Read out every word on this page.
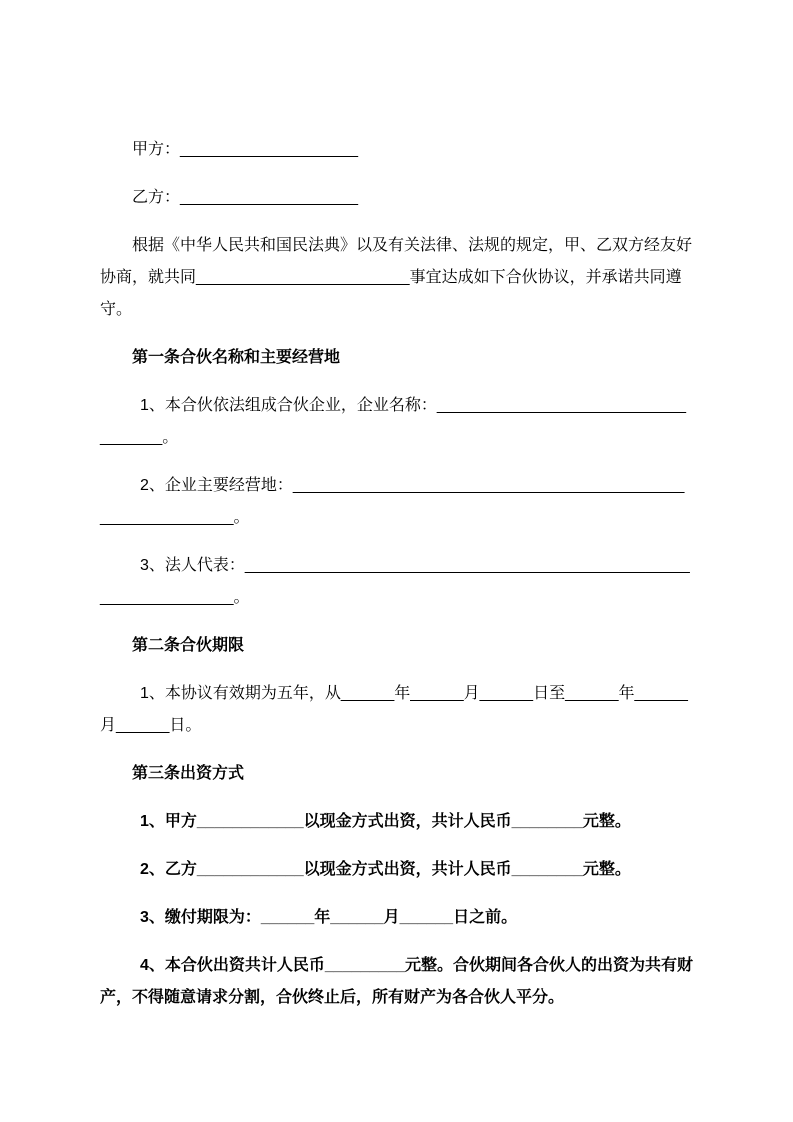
甲方：____________________

乙方：____________________

根据《中华人民共和国民法典》以及有关法律、法规的规定，甲、乙双方经友好协商，就共同________________________事宜达成如下合伙协议，并承诺共同遵守。

第一条合伙名称和主要经营地

1、本合伙依法组成合伙企业，企业名称：___________________________________。

2、企业主要经营地：___________________________________________________________。

3、法人代表：_________________________________________________________________。

第二条合伙期限

1、本协议有效期为五年，从______年______月______日至______年______月______日。

第三条出资方式

1、甲方____________以现金方式出资，共计人民币________元整。

2、乙方____________以现金方式出资，共计人民币________元整。

3、缴付期限为：______年______月______日之前。

4、本合伙出资共计人民币_________元整。合伙期间各合伙人的出资为共有财产，不得随意请求分割，合伙终止后，所有财产为各合伙人平分。
